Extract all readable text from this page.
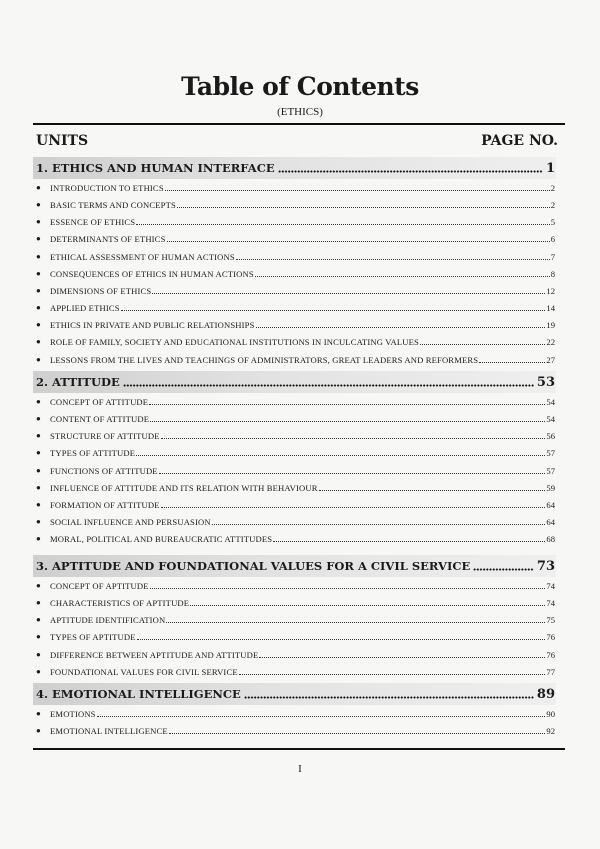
Table of Contents
(ETHICS)
UNITS	PAGE NO.
1. ETHICS AND HUMAN INTERFACE	1
●	INTRODUCTION TO ETHICS	2
●	BASIC TERMS AND CONCEPTS	2
●	ESSENCE OF ETHICS	5
●	DETERMINANTS OF ETHICS	6
●	ETHICAL ASSESSMENT OF HUMAN ACTIONS	7
●	CONSEQUENCES OF ETHICS IN HUMAN ACTIONS	8
●	DIMENSIONS OF ETHICS	12
●	APPLIED ETHICS	14
●	ETHICS IN PRIVATE AND PUBLIC RELATIONSHIPS	19
●	ROLE OF FAMILY, SOCIETY AND EDUCATIONAL INSTITUTIONS IN INCULCATING VALUES	22
●	LESSONS FROM THE LIVES AND TEACHINGS OF ADMINISTRATORS, GREAT LEADERS AND REFORMERS	27
2. ATTITUDE	53
●	CONCEPT OF ATTITUDE	54
●	CONTENT OF ATTITUDE	54
●	STRUCTURE OF ATTITUDE	56
●	TYPES OF ATTITUDE	57
●	FUNCTIONS OF ATTITUDE	57
●	INFLUENCE OF ATTITUDE AND ITS RELATION WITH BEHAVIOUR	59
●	FORMATION OF ATTITUDE	64
●	SOCIAL INFLUENCE AND PERSUASION	64
●	MORAL, POLITICAL AND BUREAUCRATIC ATTITUDES	68
3. APTITUDE AND FOUNDATIONAL VALUES FOR A CIVIL SERVICE	73
●	CONCEPT OF APTITUDE	74
●	CHARACTERISTICS OF APTITUDE	74
●	APTITUDE IDENTIFICATION	75
●	TYPES OF APTITUDE	76
●	DIFFERENCE BETWEEN APTITUDE AND ATTITUDE	76
●	FOUNDATIONAL VALUES FOR CIVIL SERVICE	77
4. EMOTIONAL INTELLIGENCE	89
●	EMOTIONS	90
●	EMOTIONAL INTELLIGENCE	92
I
